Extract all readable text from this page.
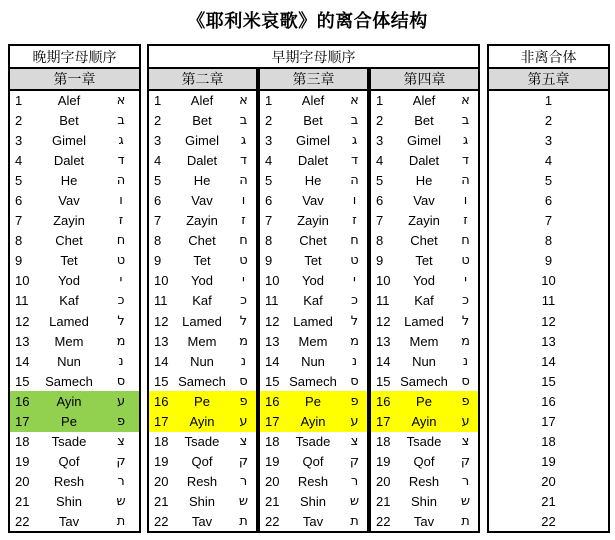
《耶利米哀歌》的离合体结构
晚期字母顺序		
第一章		
1	Alef	א
2	Bet	ב
3	Gimel	ג
4	Dalet	ד
5	He	ה
6	Vav	ו
7	Zayin	ז
8	Chet	ח
9	Tet	ט
10	Yod	י
11	Kaf	כ
12	Lamed	ל
13	Mem	מ
14	Nun	נ
15	Samech	ס
16	Ayin	ע
17	Pe	פ
18	Tsade	צ
19	Qof	ק
20	Resh	ר
21	Shin	ש
22	Tav	ת
早期字母顺序										
第二章				第三章				第四章		
1	Alef	א		1	Alef	א		1	Alef	א
2	Bet	ב		2	Bet	ב		2	Bet	ב
3	Gimel	ג		3	Gimel	ג		3	Gimel	ג
4	Dalet	ד		4	Dalet	ד		4	Dalet	ד
5	He	ה		5	He	ה		5	He	ה
6	Vav	ו		6	Vav	ו		6	Vav	ו
7	Zayin	ז		7	Zayin	ז		7	Zayin	ז
8	Chet	ח		8	Chet	ח		8	Chet	ח
9	Tet	ט		9	Tet	ט		9	Tet	ט
10	Yod	י		10	Yod	י		10	Yod	י
11	Kaf	כ		11	Kaf	כ		11	Kaf	כ
12	Lamed	ל		12	Lamed	ל		12	Lamed	ל
13	Mem	מ		13	Mem	מ		13	Mem	מ
14	Nun	נ		14	Nun	נ		14	Nun	נ
15	Samech	ס		15	Samech	ס		15	Samech	ס
16	Pe	פ		16	Pe	פ		16	Pe	פ
17	Ayin	ע		17	Ayin	ע		17	Ayin	ע
18	Tsade	צ		18	Tsade	צ		18	Tsade	צ
19	Qof	ק		19	Qof	ק		19	Qof	ק
20	Resh	ר		20	Resh	ר		20	Resh	ר
21	Shin	ש		21	Shin	ש		21	Shin	ש
22	Tav	ת		22	Tav	ת		22	Tav	ת
非离合体
第五章
1
2
3
4
5
6
7
8
9
10
11
12
13
14
15
16
17
18
19
20
21
22
